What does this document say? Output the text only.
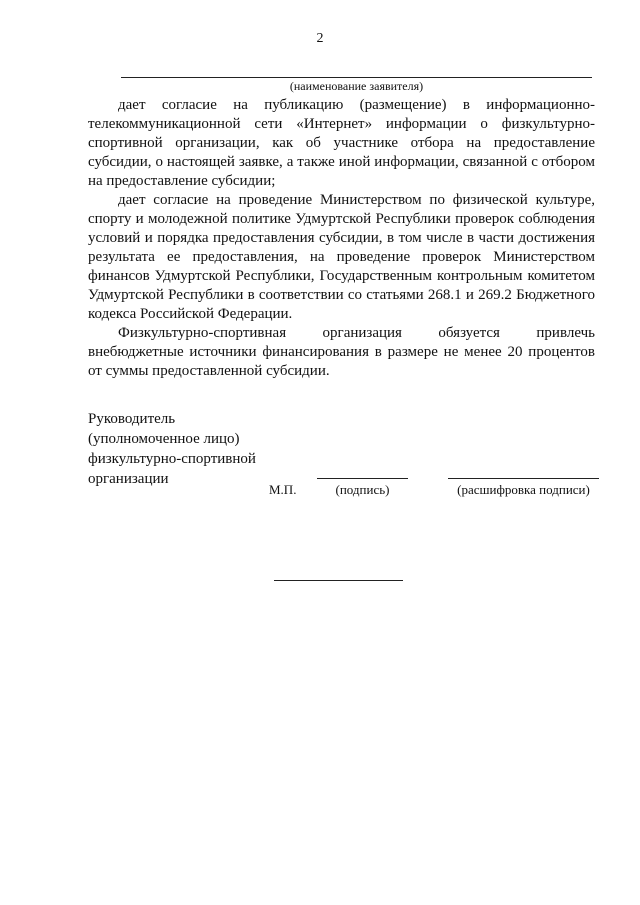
2
(наименование заявителя)

дает согласие на публикацию (размещение) в информационно-телекоммуникационной сети «Интернет» информации о физкультурно-спортивной организации, как об участнике отбора на предоставление субсидии, о настоящей заявке, а также иной информации, связанной с отбором на предоставление субсидии;

дает согласие на проведение Министерством по физической культуре, спорту и молодежной политике Удмуртской Республики проверок соблюдения условий и порядка предоставления субсидии, в том числе в части достижения результата ее предоставления, на проведение проверок Министерством финансов Удмуртской Республики, Государственным контрольным комитетом Удмуртской Республики в соответствии со статьями 268.1 и 269.2 Бюджетного кодекса Российской Федерации.

Физкультурно-спортивная организация обязуется привлечь внебюджетные источники финансирования в размере не менее 20 процентов от суммы предоставленной субсидии.

Руководитель
(уполномоченное лицо)
физкультурно-спортивной
организации
М.П.	(подпись)	(расшифровка подписи)
